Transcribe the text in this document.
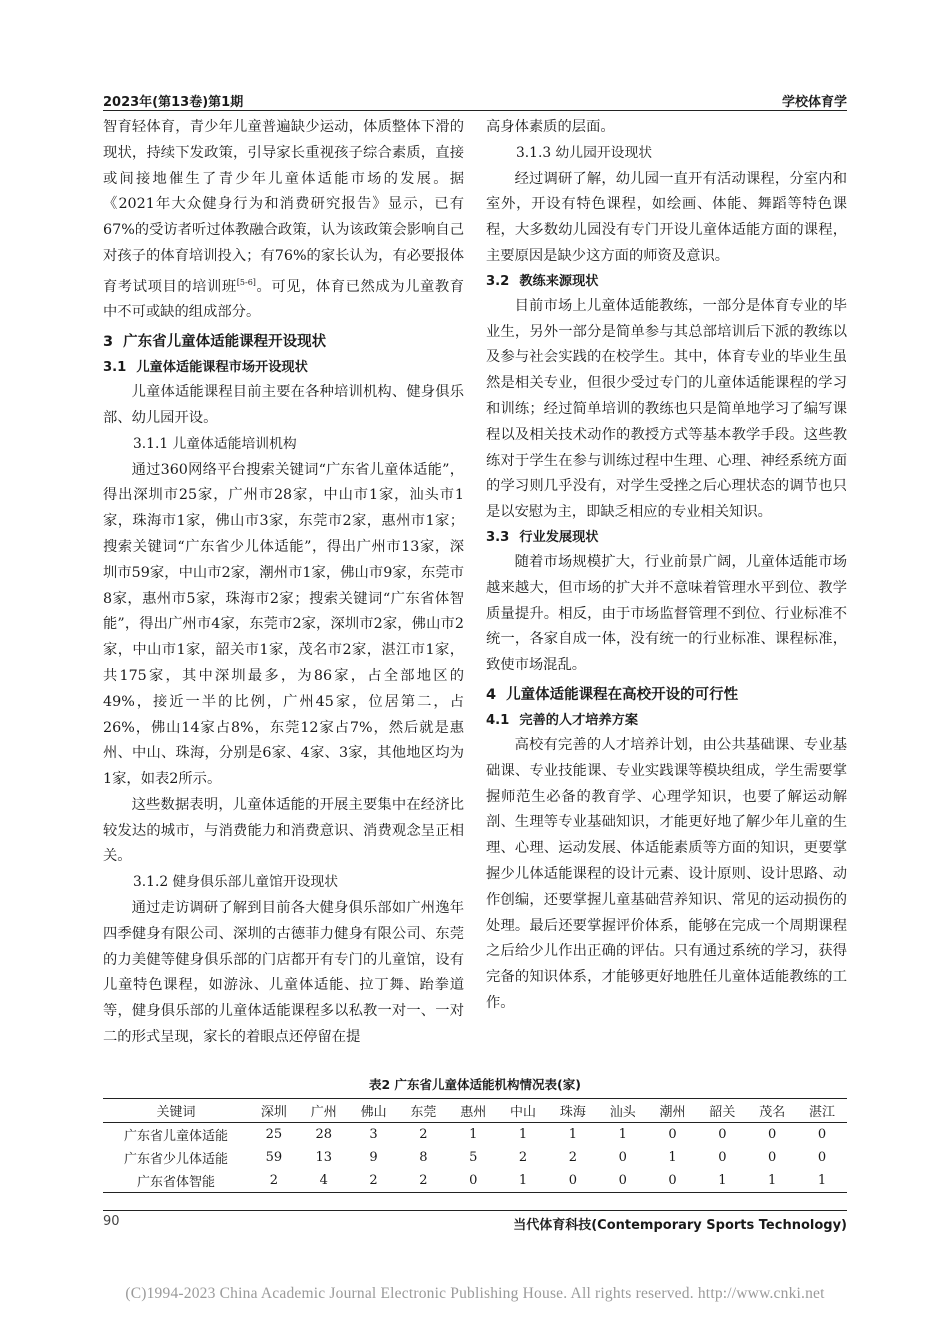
2023年(第13卷)第1期	学校体育学

智育轻体育，青少年儿童普遍缺少运动，体质整体下滑的现状，持续下发政策，引导家长重视孩子综合素质，直接或间接地催生了青少年儿童体适能市场的发展。据《2021年大众健身行为和消费研究报告》显示，已有67%的受访者听过体教融合政策，认为该政策会影响自己对孩子的体育培训投入；有76%的家长认为，有必要报体育考试项目的培训班[5-6]。可见，体育已然成为儿童教育中不可或缺的组成部分。

3 广东省儿童体适能课程开设现状
3.1 儿童体适能课程市场开设现状

儿童体适能课程目前主要在各种培训机构、健身俱乐部、幼儿园开设。

3.1.1 儿童体适能培训机构

通过360网络平台搜索关键词“广东省儿童体适能”，得出深圳市25家，广州市28家，中山市1家，汕头市1家，珠海市1家，佛山市3家，东莞市2家，惠州市1家；搜索关键词“广东省少儿体适能”，得出广州市13家，深圳市59家，中山市2家，潮州市1家，佛山市9家，东莞市8家，惠州市5家，珠海市2家；搜索关键词“广东省体智能”，得出广州市4家，东莞市2家，深圳市2家，佛山市2家，中山市1家，韶关市1家，茂名市2家，湛江市1家，共175家，其中深圳最多，为86家，占全部地区的49%，接近一半的比例，广州45家，位居第二，占26%，佛山14家占8%，东莞12家占7%，然后就是惠州、中山、珠海，分别是6家、4家、3家，其他地区均为1家，如表2所示。

这些数据表明，儿童体适能的开展主要集中在经济比较发达的城市，与消费能力和消费意识、消费观念呈正相关。

3.1.2 健身俱乐部儿童馆开设现状

通过走访调研了解到目前各大健身俱乐部如广州逸年四季健身有限公司、深圳的古德菲力健身有限公司、东莞的力美健等健身俱乐部的门店都开有专门的儿童馆，设有儿童特色课程，如游泳、儿童体适能、拉丁舞、跆拳道等，健身俱乐部的儿童体适能课程多以私教一对一、一对二的形式呈现，家长的着眼点还停留在提

高身体素质的层面。

3.1.3 幼儿园开设现状

经过调研了解，幼儿园一直开有活动课程，分室内和室外，开设有特色课程，如绘画、体能、舞蹈等特色课程，大多数幼儿园没有专门开设儿童体适能方面的课程，主要原因是缺少这方面的师资及意识。

3.2 教练来源现状

目前市场上儿童体适能教练，一部分是体育专业的毕业生，另外一部分是简单参与其总部培训后下派的教练以及参与社会实践的在校学生。其中，体育专业的毕业生虽然是相关专业，但很少受过专门的儿童体适能课程的学习和训练；经过简单培训的教练也只是简单地学习了编写课程以及相关技术动作的教授方式等基本教学手段。这些教练对于学生在参与训练过程中生理、心理、神经系统方面的学习则几乎没有，对学生受挫之后心理状态的调节也只是以安慰为主，即缺乏相应的专业相关知识。

3.3 行业发展现状

随着市场规模扩大，行业前景广阔，儿童体适能市场越来越大，但市场的扩大并不意味着管理水平到位、教学质量提升。相反，由于市场监督管理不到位、行业标准不统一，各家自成一体，没有统一的行业标准、课程标准，致使市场混乱。

4 儿童体适能课程在高校开设的可行性
4.1 完善的人才培养方案

高校有完善的人才培养计划，由公共基础课、专业基础课、专业技能课、专业实践课等模块组成，学生需要掌握师范生必备的教育学、心理学知识，也要了解运动解剖、生理等专业基础知识，才能更好地了解少年儿童的生理、心理、运动发展、体适能素质等方面的知识，更要掌握少儿体适能课程的设计元素、设计原则、设计思路、动作创编，还要掌握儿童基础营养知识、常见的运动损伤的处理。最后还要掌握评价体系，能够在完成一个周期课程之后给少儿作出正确的评估。只有通过系统的学习，获得完备的知识体系，才能够更好地胜任儿童体适能教练的工作。

表2 广东省儿童体适能机构情况表(家)
关键词	深圳	广州	佛山	东莞	惠州	中山	珠海	汕头	潮州	韶关	茂名	湛江
广东省儿童体适能	25	28	3	2	1	1	1	1	0	0	0	0
广东省少儿体适能	59	13	9	8	5	2	2	0	1	0	0	0
广东省体智能	2	4	2	2	0	1	0	0	0	1	1	1
90	当代体育科技(Contemporary Sports Technology)
(C)1994-2023 China Academic Journal Electronic Publishing House. All rights reserved. http://www.cnki.net
